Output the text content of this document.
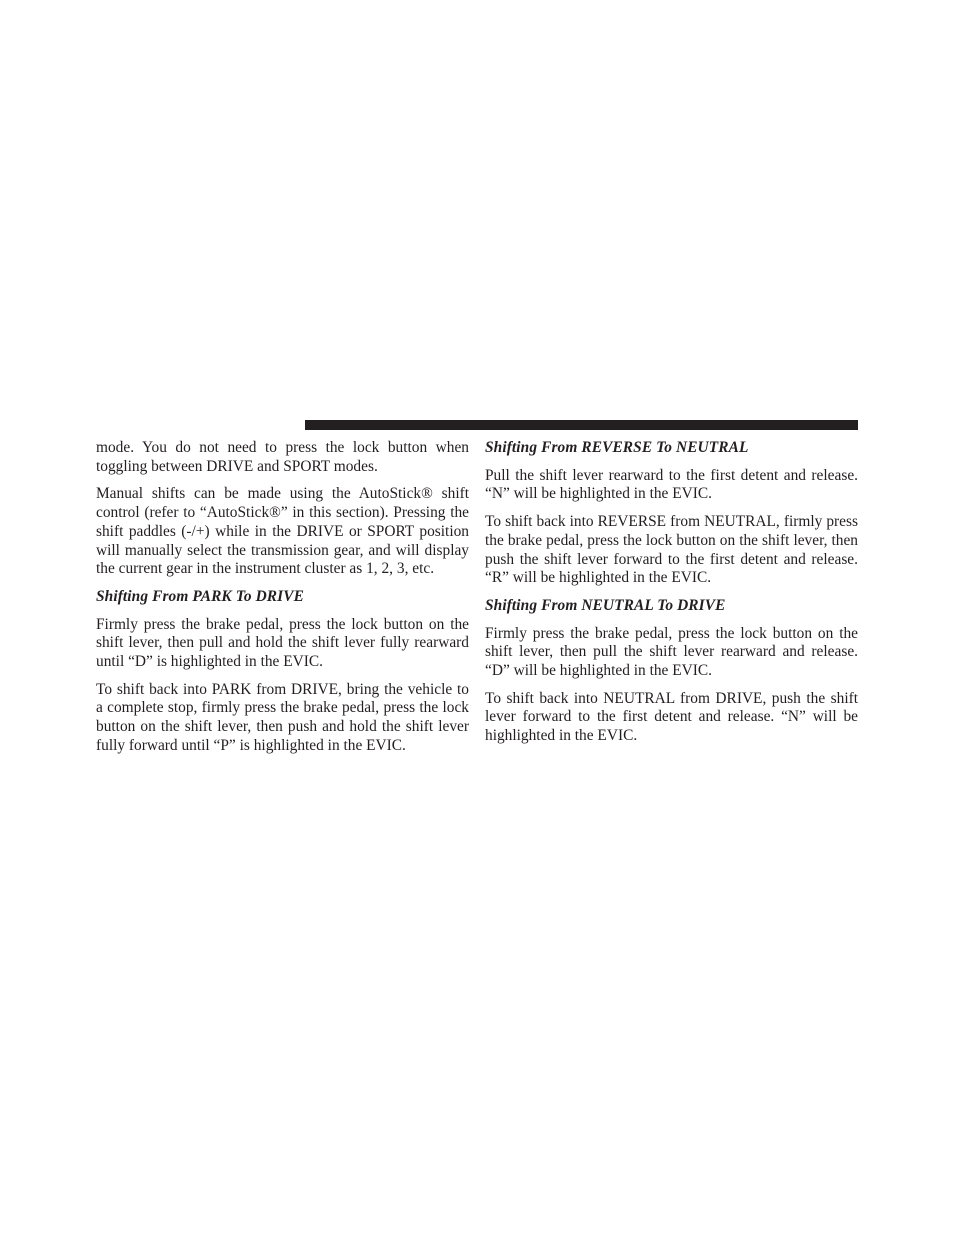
mode. You do not need to press the lock button when toggling between DRIVE and SPORT modes.

Manual shifts can be made using the AutoStick® shift control (refer to “AutoStick®” in this section). Pressing the shift paddles (-/+) while in the DRIVE or SPORT position will manually select the transmission gear, and will display the current gear in the instrument cluster as 1, 2, 3, etc.

Shifting From PARK To DRIVE

Firmly press the brake pedal, press the lock button on the shift lever, then pull and hold the shift lever fully rearward until “D” is highlighted in the EVIC.

To shift back into PARK from DRIVE, bring the vehicle to a complete stop, firmly press the brake pedal, press the lock button on the shift lever, then push and hold the shift lever fully forward until “P” is highlighted in the EVIC.

Shifting From REVERSE To NEUTRAL

Pull the shift lever rearward to the first detent and release. “N” will be highlighted in the EVIC.

To shift back into REVERSE from NEUTRAL, firmly press the brake pedal, press the lock button on the shift lever, then push the shift lever forward to the first detent and release. “R” will be highlighted in the EVIC.

Shifting From NEUTRAL To DRIVE

Firmly press the brake pedal, press the lock button on the shift lever, then pull the shift lever rearward and release. “D” will be highlighted in the EVIC.

To shift back into NEUTRAL from DRIVE, push the shift lever forward to the first detent and release. “N” will be highlighted in the EVIC.
